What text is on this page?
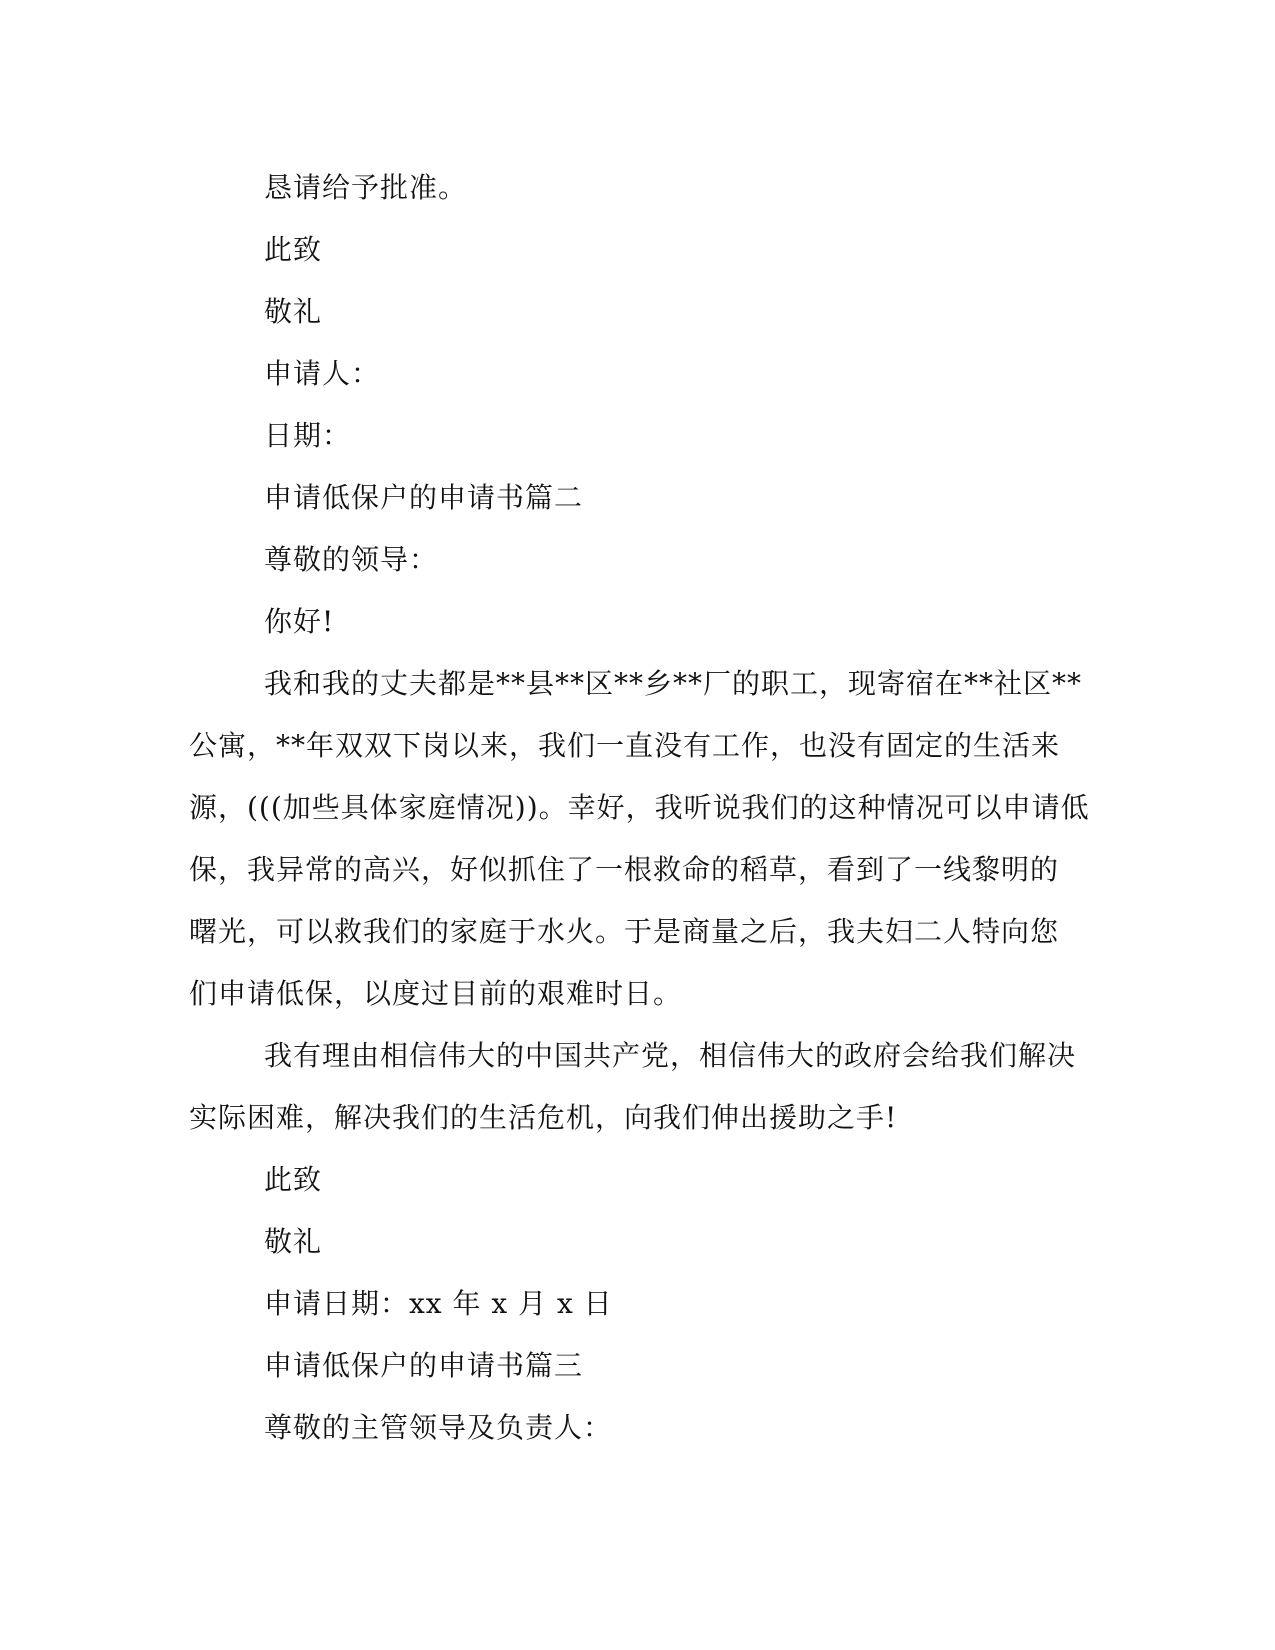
恳请给予批准。
此致
敬礼
申请人：
日期：
申请低保户的申请书篇二
尊敬的领导：
你好!
我和我的丈夫都是**县**区**乡**厂的职工，现寄宿在**社区**
公寓，**年双双下岗以来，我们一直没有工作，也没有固定的生活来
源，(((加些具体家庭情况))。幸好，我听说我们的这种情况可以申请低
保，我异常的高兴，好似抓住了一根救命的稻草，看到了一线黎明的
曙光，可以救我们的家庭于水火。于是商量之后，我夫妇二人特向您
们申请低保，以度过目前的艰难时日。
我有理由相信伟大的中国共产党，相信伟大的政府会给我们解决
实际困难，解决我们的生活危机，向我们伸出援助之手!
此致
敬礼
申请日期：xx 年 x 月 x 日
申请低保户的申请书篇三
尊敬的主管领导及负责人：
